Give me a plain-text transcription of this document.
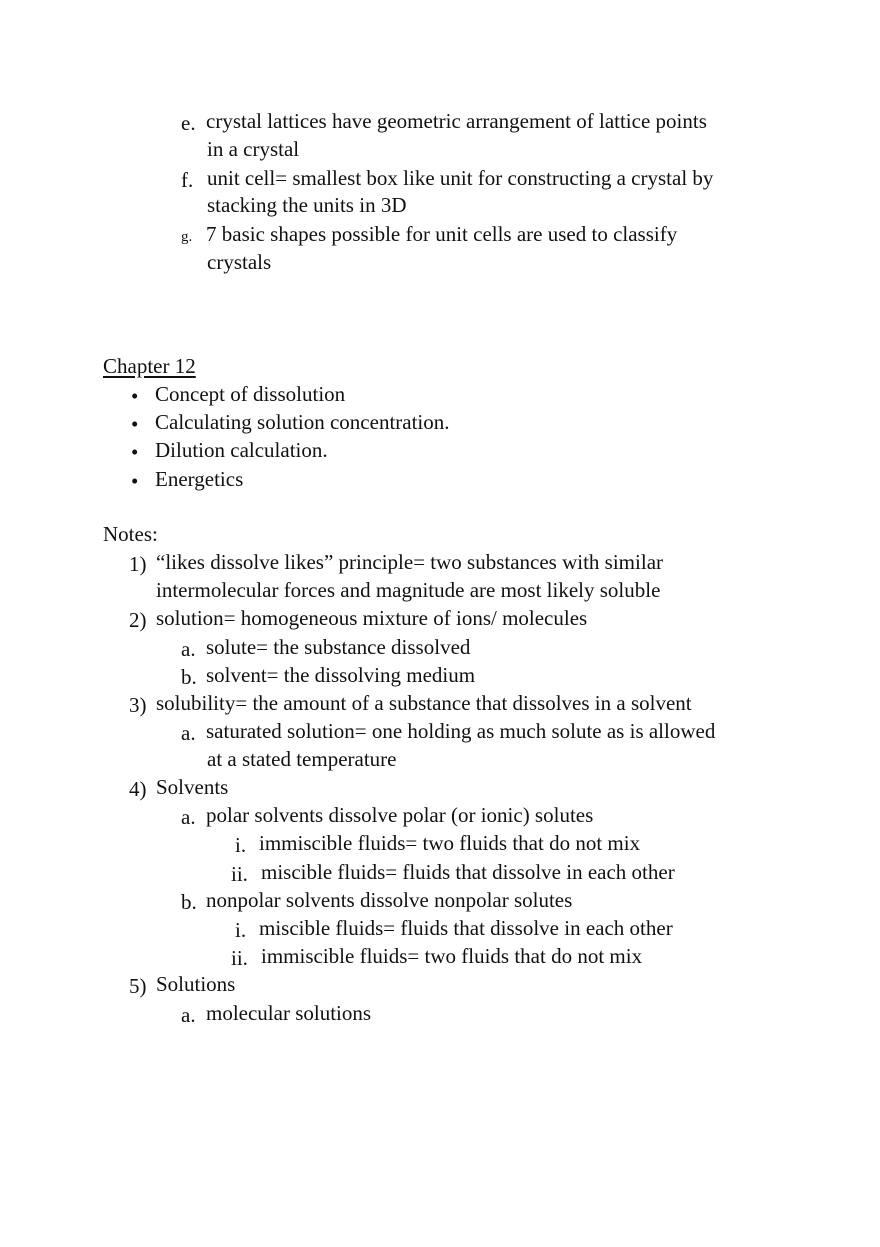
e. crystal lattices have geometric arrangement of lattice points
in a crystal
f. unit cell= smallest box like unit for constructing a crystal by
stacking the units in 3D
g. 7 basic shapes possible for unit cells are used to classify
crystals
Chapter 12
• Concept of dissolution
• Calculating solution concentration.
• Dilution calculation.
• Energetics
Notes:
1) “likes dissolve likes” principle= two substances with similar
intermolecular forces and magnitude are most likely soluble
2) solution= homogeneous mixture of ions/ molecules
a. solute= the substance dissolved
b. solvent= the dissolving medium
3) solubility= the amount of a substance that dissolves in a solvent
a. saturated solution= one holding as much solute as is allowed
at a stated temperature
4) Solvents
a. polar solvents dissolve polar (or ionic) solutes
i. immiscible fluids= two fluids that do not mix
ii. miscible fluids= fluids that dissolve in each other
b. nonpolar solvents dissolve nonpolar solutes
i. miscible fluids= fluids that dissolve in each other
ii. immiscible fluids= two fluids that do not mix
5) Solutions
a. molecular solutions
